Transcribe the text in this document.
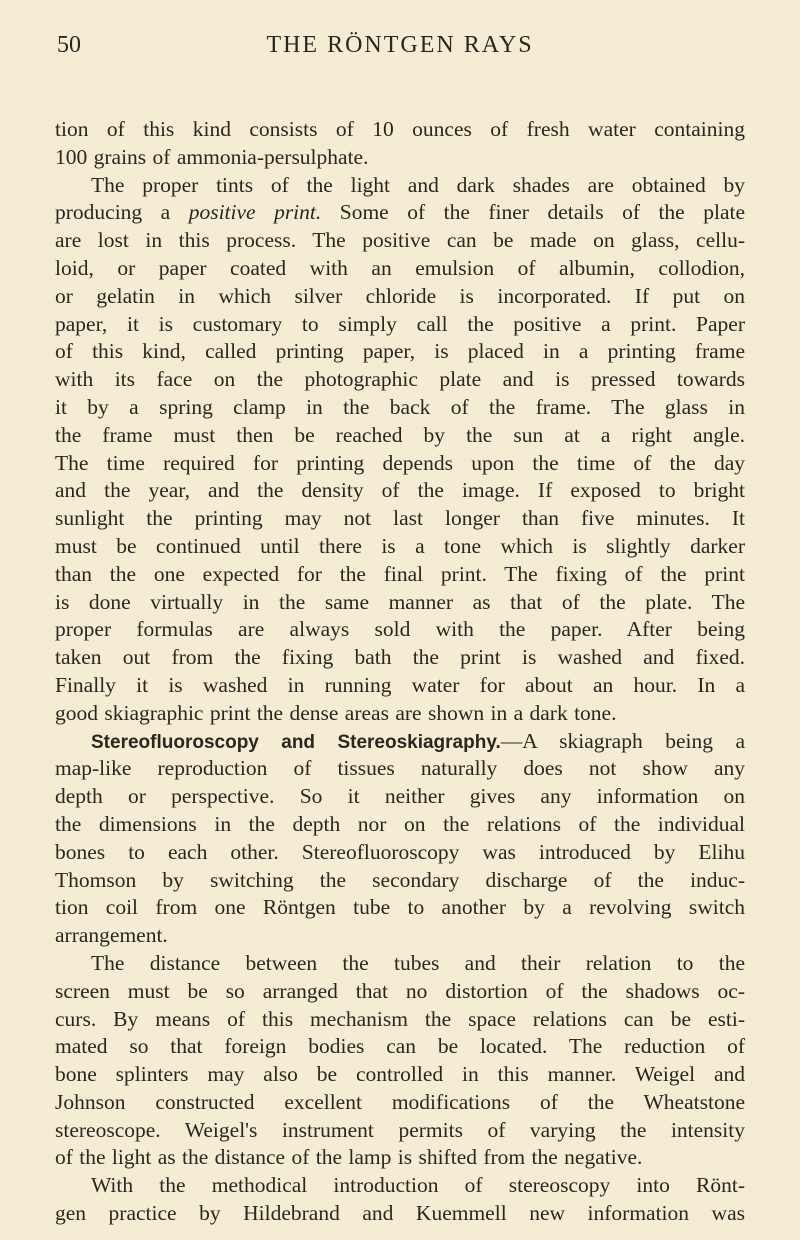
50	THE RÖNTGEN RAYS
tion of this kind consists of 10 ounces of fresh water containing
100 grains of ammonia-persulphate.
The proper tints of the light and dark shades are obtained by
producing a positive print. Some of the finer details of the plate
are lost in this process. The positive can be made on glass, cellu-
loid, or paper coated with an emulsion of albumin, collodion,
or gelatin in which silver chloride is incorporated. If put on
paper, it is customary to simply call the positive a print. Paper
of this kind, called printing paper, is placed in a printing frame
with its face on the photographic plate and is pressed towards
it by a spring clamp in the back of the frame. The glass in
the frame must then be reached by the sun at a right angle.
The time required for printing depends upon the time of the day
and the year, and the density of the image. If exposed to bright
sunlight the printing may not last longer than five minutes. It
must be continued until there is a tone which is slightly darker
than the one expected for the final print. The fixing of the print
is done virtually in the same manner as that of the plate. The
proper formulas are always sold with the paper. After being
taken out from the fixing bath the print is washed and fixed.
Finally it is washed in running water for about an hour. In a
good skiagraphic print the dense areas are shown in a dark tone.
Stereofluoroscopy and Stereoskiagraphy.—A skiagraph being a
map-like reproduction of tissues naturally does not show any
depth or perspective. So it neither gives any information on
the dimensions in the depth nor on the relations of the individual
bones to each other. Stereofluoroscopy was introduced by Elihu
Thomson by switching the secondary discharge of the induc-
tion coil from one Röntgen tube to another by a revolving switch
arrangement.
The distance between the tubes and their relation to the
screen must be so arranged that no distortion of the shadows oc-
curs. By means of this mechanism the space relations can be esti-
mated so that foreign bodies can be located. The reduction of
bone splinters may also be controlled in this manner. Weigel and
Johnson constructed excellent modifications of the Wheatstone
stereoscope. Weigel's instrument permits of varying the intensity
of the light as the distance of the lamp is shifted from the negative.
With the methodical introduction of stereoscopy into Rönt-
gen practice by Hildebrand and Kuemmell new information was
